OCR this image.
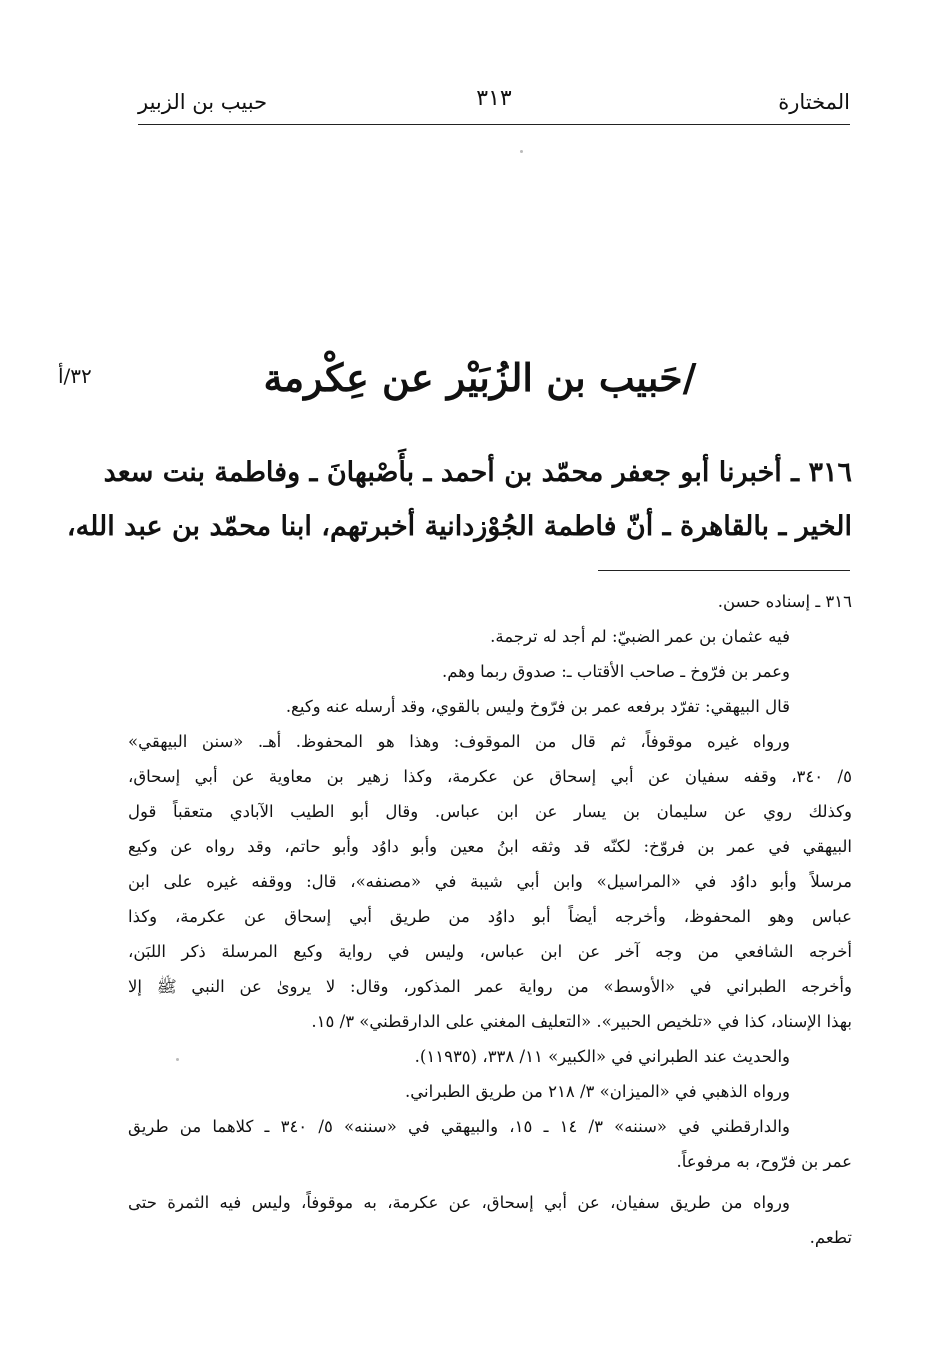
المختارة
٣١٣
حبيب بن الزبير
/حَبيب بن الزُبَيْر عن عِكْرمة
٣٢/أ
٣١٦ ـ أخبرنا أبو جعفر محمّد بن أحمد ـ بأَصْبهانَ ـ وفاطمة بنت سعد
الخير ـ بالقاهرة ـ أنّ فاطمة الجُوْزدانية أخبرتهم، ابنا محمّد بن عبد الله،
٣١٦ ـ إسناده حسن.
فيه عثمان بن عمر الضبيّ: لم أجد له ترجمة.
وعمر بن فرّوخ ـ صاحب الأقتاب ـ: صدوق ربما وهم.
قال البيهقي: تفرّد برفعه عمر بن فرّوخ وليس بالقوي، وقد أرسله عنه وكيع.
ورواه غيره موقوفاً، ثم قال من الموقوف: وهذا هو المحفوظ. أهـ. «سنن البيهقي»
٥/ ٣٤٠، وقفه سفيان عن أبي إسحاق عن عكرمة، وكذا زهير بن معاوية عن أبي إسحاق،
وكذلك روي عن سليمان بن يسار عن ابن عباس. وقال أبو الطيب الآبادي متعقباً قول
البيهقي في عمر بن فروّخ: لكنّه قد وثقه ابنُ معين وأبو داوُد وأبو حاتم، وقد رواه عن وكيع
مرسلاً وأبو داوُد في «المراسيل» وابن أبي شيبة في «مصنفه»، قال: ووقفه غيره على ابن
عباس وهو المحفوظ، وأخرجه أيضاً أبو داوُد من طريق أبي إسحاق عن عكرمة، وكذا
أخرجه الشافعي من وجه آخر عن ابن عباس، وليس في رواية وكيع المرسلة ذكر اللبَن،
وأخرجه الطبراني في «الأوسط» من رواية عمر المذكور، وقال: لا يروىٰ عن النبي ﷺ إلا
بهذا الإسناد، كذا في «تلخيص الحبير». «التعليف المغني على الدارقطني» ٣/ ١٥.
والحديث عند الطبراني في «الكبير» ١١/ ٣٣٨، (١١٩٣٥).
ورواه الذهبي في «الميزان» ٣/ ٢١٨ من طريق الطبراني.
والدارقطني في «سننه» ٣/ ١٤ ـ ١٥، والبيهقي في «سننه» ٥/ ٣٤٠ ـ كلاهما من طريق
عمر بن فرّوح، به مرفوعاً.
ورواه من طريق سفيان، عن أبي إسحاق، عن عكرمة، به موقوفاً، وليس فيه الثمرة حتى
تطعم.
